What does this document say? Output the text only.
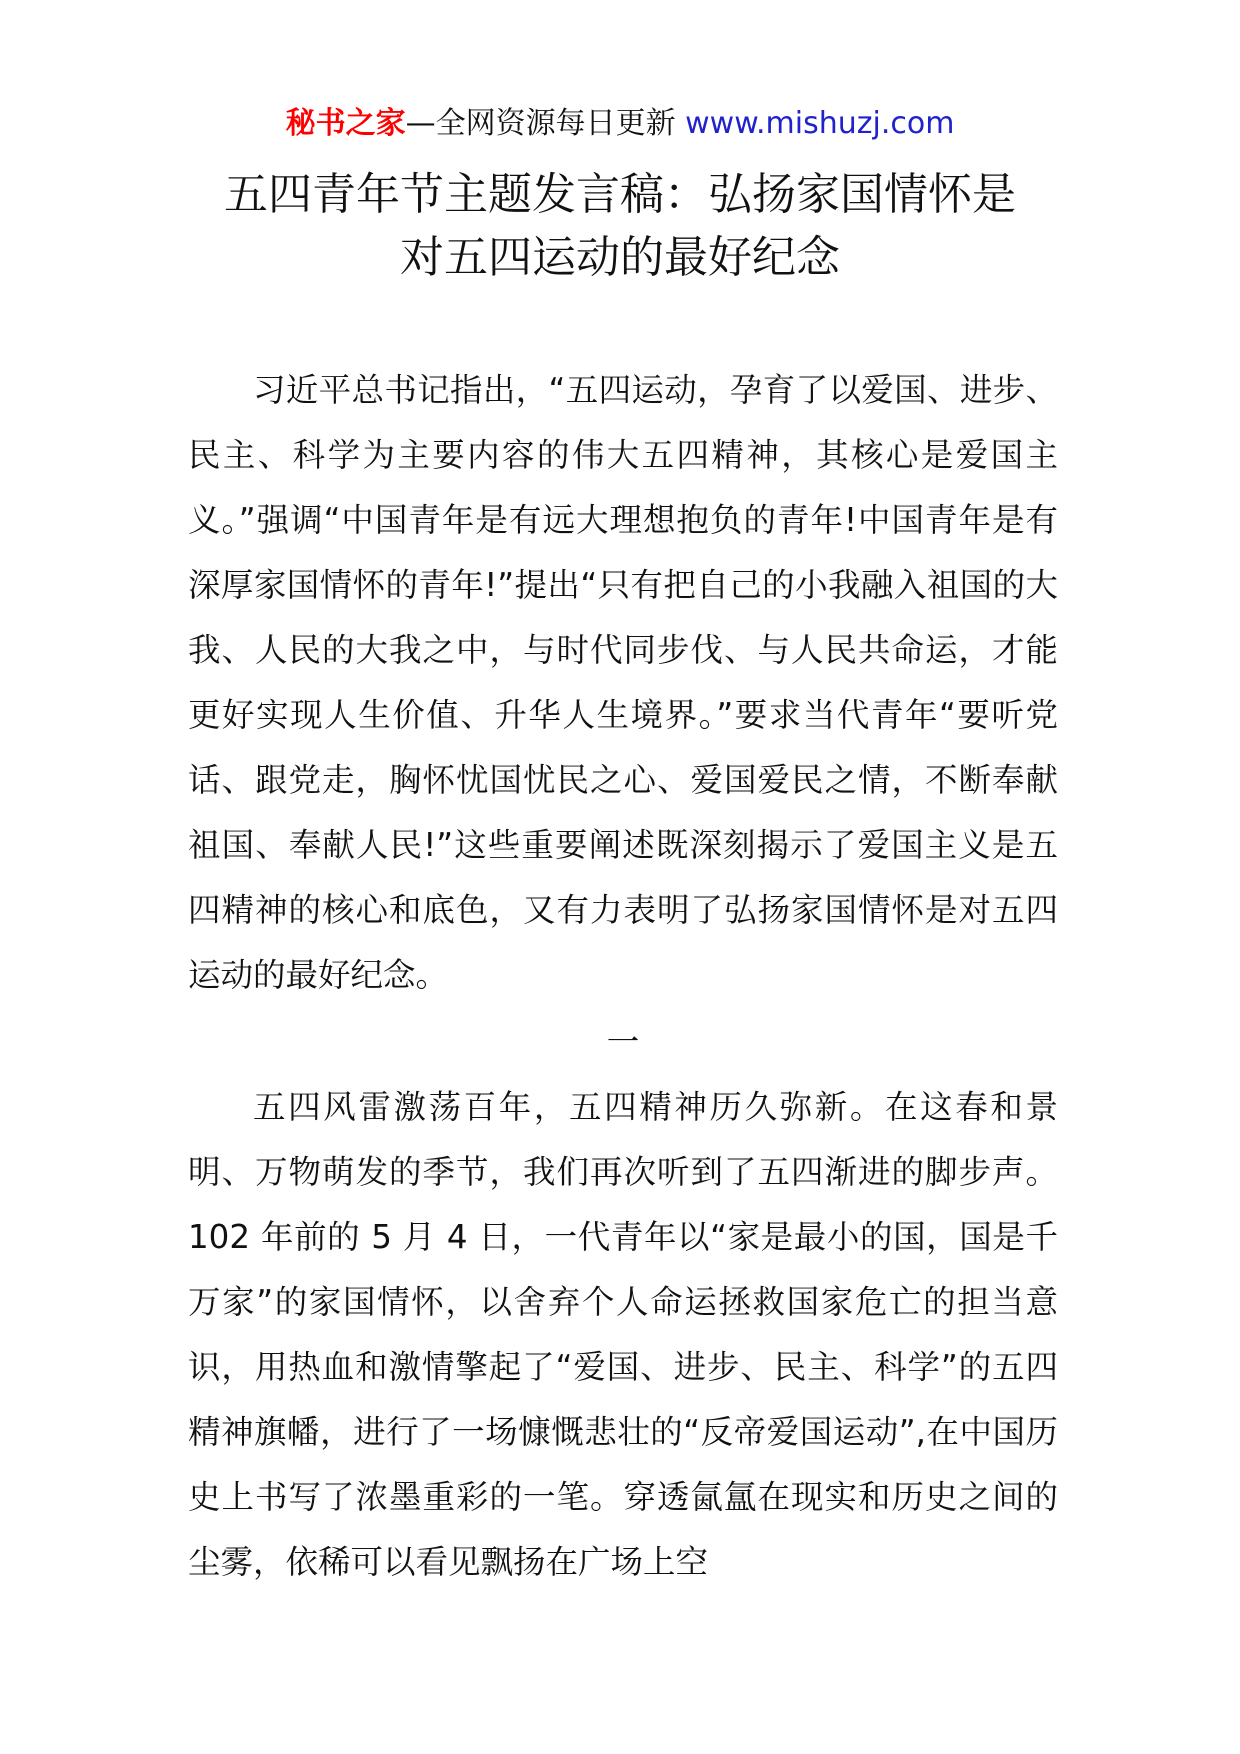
秘书之家—全网资源每日更新 www.mishuzj.com
五四青年节主题发言稿：弘扬家国情怀是
对五四运动的最好纪念

习近平总书记指出，“五四运动，孕育了以爱国、进步、民主、科学为主要内容的伟大五四精神，其核心是爱国主义。”强调“中国青年是有远大理想抱负的青年!中国青年是有深厚家国情怀的青年!”提出“只有把自己的小我融入祖国的大我、人民的大我之中，与时代同步伐、与人民共命运，才能更好实现人生价值、升华人生境界。”要求当代青年“要听党话、跟党走，胸怀忧国忧民之心、爱国爱民之情，不断奉献祖国、奉献人民!”这些重要阐述既深刻揭示了爱国主义是五四精神的核心和底色，又有力表明了弘扬家国情怀是对五四运动的最好纪念。

一

五四风雷激荡百年，五四精神历久弥新。在这春和景明、万物萌发的季节，我们再次听到了五四渐进的脚步声。102 年前的 5 月 4 日，一代青年以“家是最小的国，国是千万家”的家国情怀，以舍弃个人命运拯救国家危亡的担当意识，用热血和激情擎起了“爱国、进步、民主、科学”的五四精神旗幡，进行了一场慷慨悲壮的“反帝爱国运动”,在中国历史上书写了浓墨重彩的一笔。穿透氤氲在现实和历史之间的尘雾，依稀可以看见飘扬在广场上空
